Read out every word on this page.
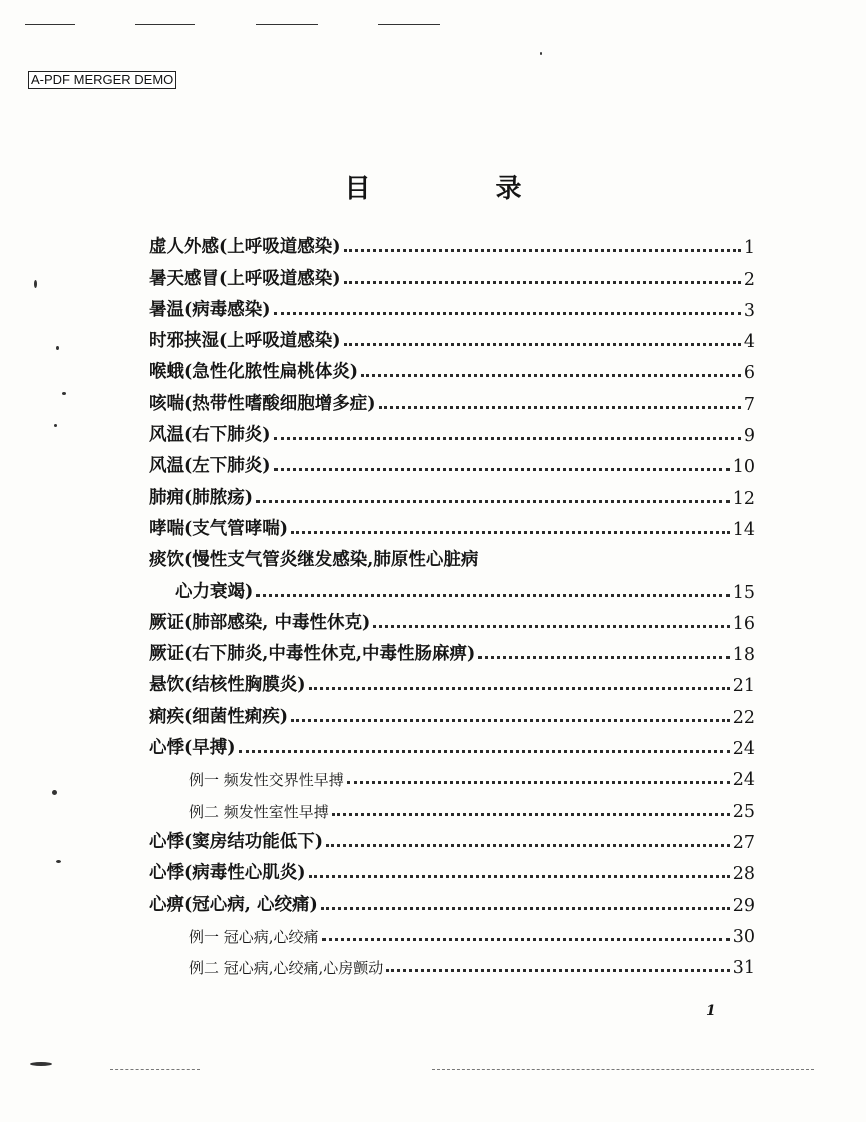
A-PDF MERGER DEMO
目 录
虚人外感(上呼吸道感染)	1
暑天感冒(上呼吸道感染)	2
暑温(病毒感染)	3
时邪挟湿(上呼吸道感染)	4
喉蛾(急性化脓性扁桃体炎)	6
咳喘(热带性嗜酸细胞增多症)	7
风温(右下肺炎)	9
风温(左下肺炎)	10
肺痈(肺脓疡)	12
哮喘(支气管哮喘)	14
痰饮(慢性支气管炎继发感染,肺原性心脏病
心力衰竭)	15
厥证(肺部感染, 中毒性休克)	16
厥证(右下肺炎,中毒性休克,中毒性肠麻痹)	18
悬饮(结核性胸膜炎)	21
痢疾(细菌性痢疾)	22
心悸(早搏)	24
例一 频发性交界性早搏	24
例二 频发性室性早搏	25
心悸(窦房结功能低下)	27
心悸(病毒性心肌炎)	28
心痹(冠心病, 心绞痛)	29
例一 冠心病,心绞痛	30
例二 冠心病,心绞痛,心房颤动	31
1
